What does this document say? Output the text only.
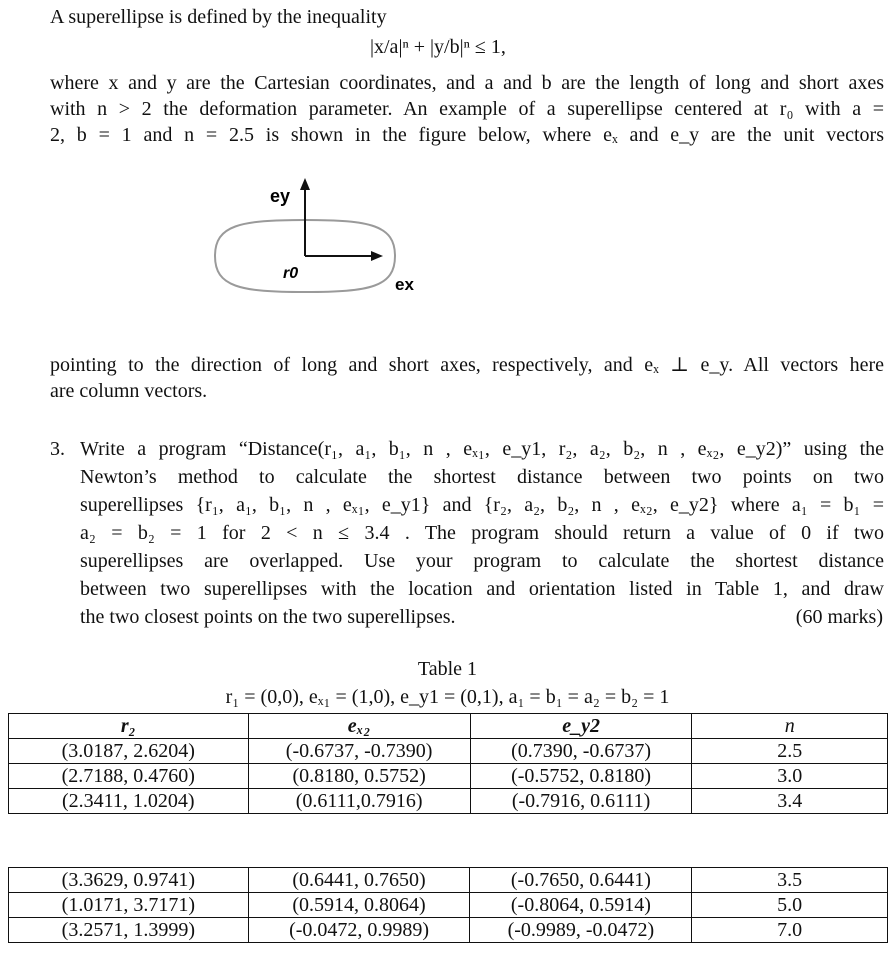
A superellipse is defined by the inequality
|x/a|ⁿ + |y/b|ⁿ ≤ 1,
where x and y are the Cartesian coordinates, and a and b are the length of long and short axes
with n > 2 the deformation parameter. An example of a superellipse centered at r₀ with a =
2, b = 1 and n = 2.5 is shown in the figure below, where eₓ and e_y are the unit vectors
ey
r0
ex
pointing to the direction of long and short axes, respectively, and eₓ ⊥ e_y. All vectors here
are column vectors.
3. Write a program “Distance(r₁, a₁, b₁, n , eₓ₁, e_y1, r₂, a₂, b₂, n , eₓ₂, e_y2)” using the
Newton’s method to calculate the shortest distance between two points on two
superellipses {r₁, a₁, b₁, n , eₓ₁, e_y1} and {r₂, a₂, b₂, n , eₓ₂, e_y2} where a₁ = b₁ =
a₂ = b₂ = 1 for 2 < n ≤ 3.4 . The program should return a value of 0 if two
superellipses are overlapped. Use your program to calculate the shortest distance
between two superellipses with the location and orientation listed in Table 1, and draw
the two closest points on the two superellipses.	(60 marks)
Table 1
r₁ = (0,0), eₓ₁ = (1,0), e_y1 = (0,1), a₁ = b₁ = a₂ = b₂ = 1
r₂	eₓ₂	e_y2	n
(3.0187, 2.6204)	(-0.6737, -0.7390)	(0.7390, -0.6737)	2.5
(2.7188, 0.4760)	(0.8180, 0.5752)	(-0.5752, 0.8180)	3.0
(2.3411, 1.0204)	(0.6111,0.7916)	(-0.7916, 0.6111)	3.4
(3.3629, 0.9741)	(0.6441, 0.7650)	(-0.7650, 0.6441)	3.5
(1.0171, 3.7171)	(0.5914, 0.8064)	(-0.8064, 0.5914)	5.0
(3.2571, 1.3999)	(-0.0472, 0.9989)	(-0.9989, -0.0472)	7.0
